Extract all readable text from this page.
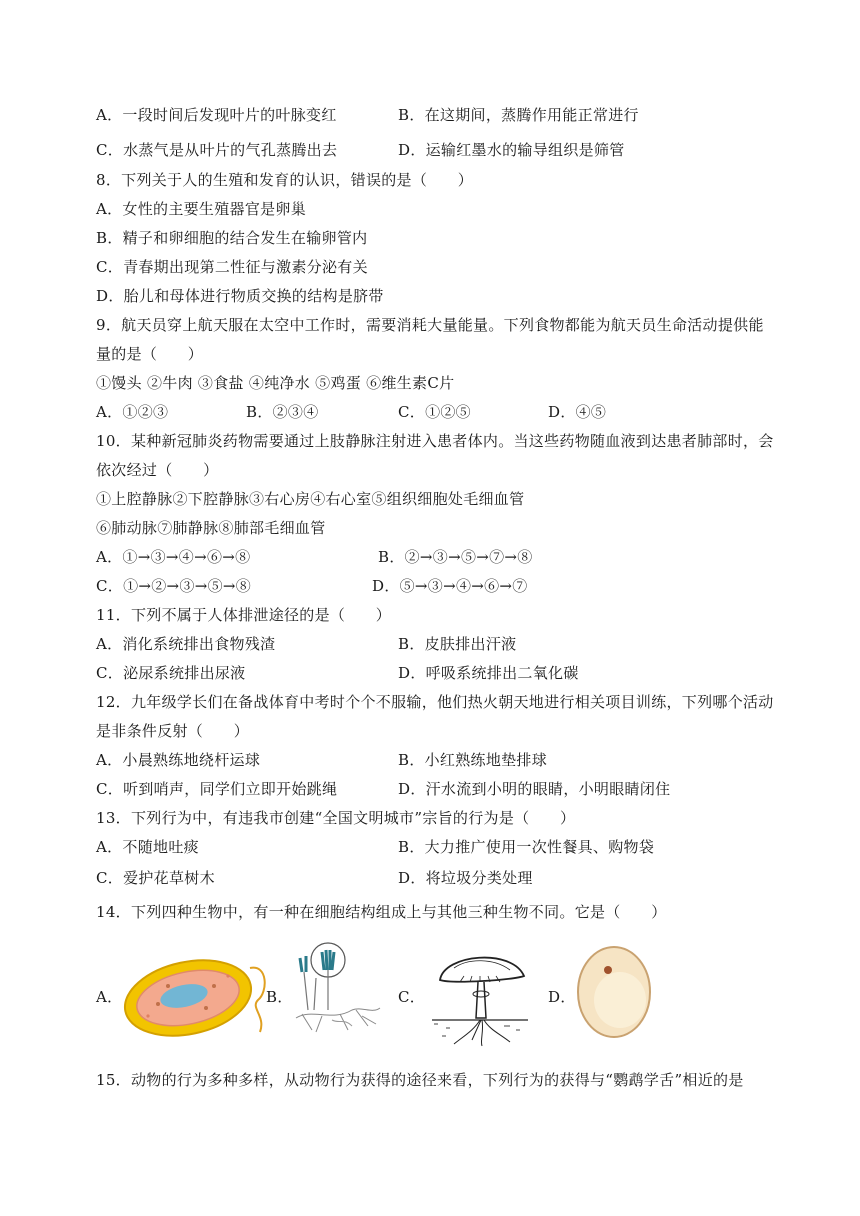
A．一段时间后发现叶片的叶脉变红	B．在这期间，蒸腾作用能正常进行
C．水蒸气是从叶片的气孔蒸腾出去	D．运输红墨水的输导组织是筛管
8．下列关于人的生殖和发育的认识，错误的是（　　）
A．女性的主要生殖器官是卵巢
B．精子和卵细胞的结合发生在输卵管内
C．青春期出现第二性征与激素分泌有关
D．胎儿和母体进行物质交换的结构是脐带
9．航天员穿上航天服在太空中工作时，需要消耗大量能量。下列食物都能为航天员生命活动提供能
量的是（　　）
①馒头 ②牛肉 ③食盐 ④纯净水 ⑤鸡蛋 ⑥维生素C片
A．①②③	B．②③④	C．①②⑤	D．④⑤
10．某种新冠肺炎药物需要通过上肢静脉注射进入患者体内。当这些药物随血液到达患者肺部时，会
依次经过（　　）
①上腔静脉②下腔静脉③右心房④右心室⑤组织细胞处毛细血管
⑥肺动脉⑦肺静脉⑧肺部毛细血管
A．①→③→④→⑥→⑧	B．②→③→⑤→⑦→⑧
C．①→②→③→⑤→⑧	D．⑤→③→④→⑥→⑦
11．下列不属于人体排泄途径的是（　　）
A．消化系统排出食物残渣	B．皮肤排出汗液
C．泌尿系统排出尿液	D．呼吸系统排出二氧化碳
12．九年级学长们在备战体育中考时个个不服输，他们热火朝天地进行相关项目训练，下列哪个活动
是非条件反射（　　）
A．小晨熟练地绕杆运球	B．小红熟练地垫排球
C．听到哨声，同学们立即开始跳绳	D．汗水流到小明的眼睛，小明眼睛闭住
13．下列行为中，有违我市创建“全国文明城市”宗旨的行为是（　　）
A．不随地吐痰	B．大力推广使用一次性餐具、购物袋
C．爱护花草树木	D．将垃圾分类处理
14．下列四种生物中，有一种在细胞结构组成上与其他三种生物不同。它是（　　）
A．	B．	C．	D．
15．动物的行为多种多样，从动物行为获得的途径来看，下列行为的获得与“鹦鹉学舌”相近的是
